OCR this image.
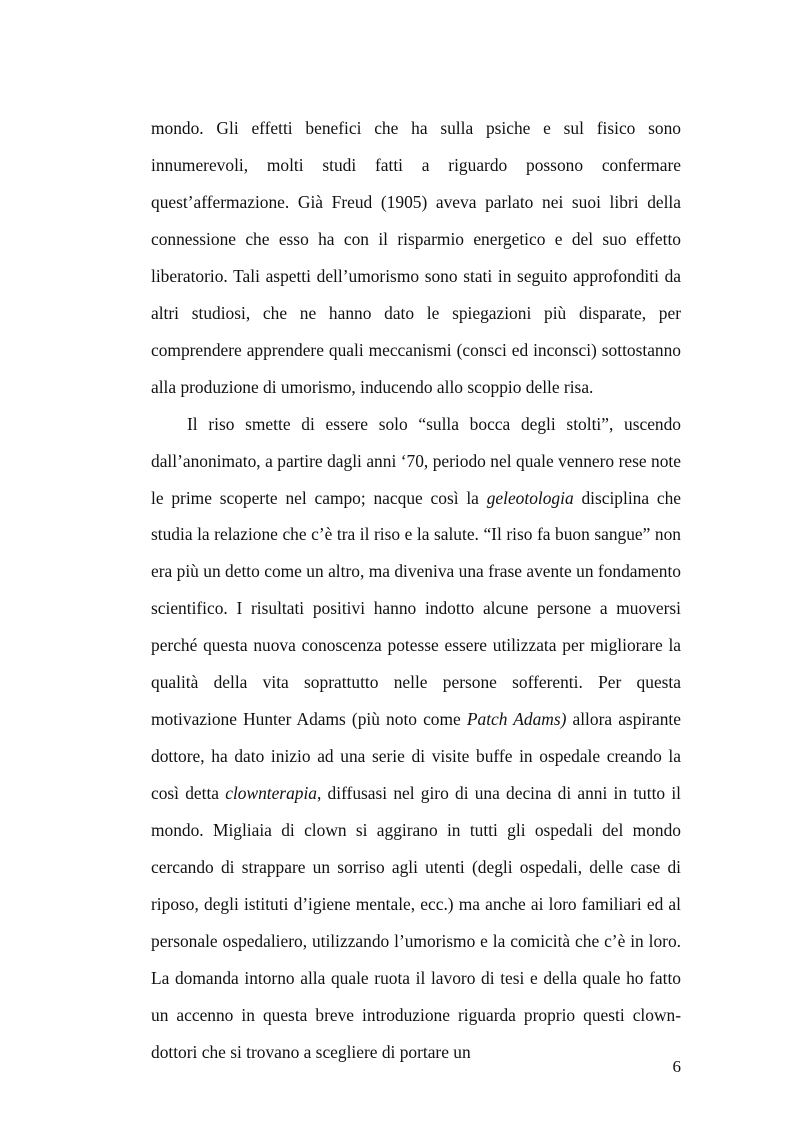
mondo. Gli effetti benefici che ha sulla psiche e sul fisico sono innumerevoli, molti studi fatti a riguardo possono confermare quest’affermazione. Già Freud (1905) aveva parlato nei suoi libri della connessione che esso ha con il risparmio energetico e del suo effetto liberatorio. Tali aspetti dell’umorismo sono stati in seguito approfonditi da altri studiosi, che ne hanno dato le spiegazioni più disparate, per comprendere apprendere quali meccanismi (consci ed inconsci) sottostanno alla produzione di umorismo, inducendo allo scoppio delle risa.

Il riso smette di essere solo “sulla bocca degli stolti”, uscendo dall’anonimato, a partire dagli anni ‘70, periodo nel quale vennero rese note le prime scoperte nel campo; nacque così la geleotologia disciplina che studia la relazione che c’è tra il riso e la salute. “Il riso fa buon sangue” non era più un detto come un altro, ma diveniva una frase avente un fondamento scientifico. I risultati positivi hanno indotto alcune persone a muoversi perché questa nuova conoscenza potesse essere utilizzata per migliorare la qualità della vita soprattutto nelle persone sofferenti. Per questa motivazione Hunter Adams (più noto come Patch Adams) allora aspirante dottore, ha dato inizio ad una serie di visite buffe in ospedale creando la così detta clownterapia, diffusasi nel giro di una decina di anni in tutto il mondo. Migliaia di clown si aggirano in tutti gli ospedali del mondo cercando di strappare un sorriso agli utenti (degli ospedali, delle case di riposo, degli istituti d’igiene mentale, ecc.) ma anche ai loro familiari ed al personale ospedaliero, utilizzando l’umorismo e la comicità che c’è in loro. La domanda intorno alla quale ruota il lavoro di tesi e della quale ho fatto un accenno in questa breve introduzione riguarda proprio questi clown-dottori che si trovano a scegliere di portare un

6
